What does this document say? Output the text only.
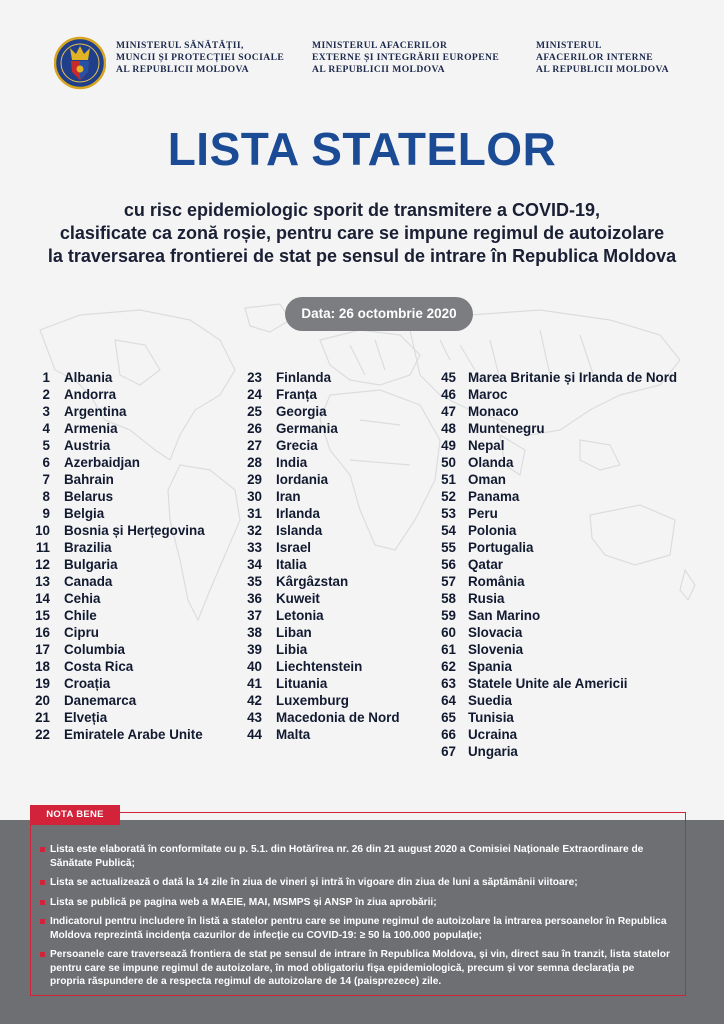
MINISTERUL SĂNĂTĂȚII,
MUNCII ȘI PROTECȚIEI SOCIALE
AL REPUBLICII MOLDOVA
MINISTERUL AFACERILOR
EXTERNE ȘI INTEGRĂRII EUROPENE
AL REPUBLICII MOLDOVA
MINISTERUL
AFACERILOR INTERNE
AL REPUBLICII MOLDOVA
LISTA STATELOR
cu risc epidemiologic sporit de transmitere a COVID-19,
clasificate ca zonă roșie, pentru care se impune regimul de autoizolare
la traversarea frontierei de stat pe sensul de intrare în Republica Moldova
Data: 26 octombrie 2020
1 Albania
2 Andorra
3 Argentina
4 Armenia
5 Austria
6 Azerbaidjan
7 Bahrain
8 Belarus
9 Belgia
10 Bosnia și Herțegovina
11 Brazilia
12 Bulgaria
13 Canada
14 Cehia
15 Chile
16 Cipru
17 Columbia
18 Costa Rica
19 Croația
20 Danemarca
21 Elveția
22 Emiratele Arabe Unite
23 Finlanda
24 Franța
25 Georgia
26 Germania
27 Grecia
28 India
29 Iordania
30 Iran
31 Irlanda
32 Islanda
33 Israel
34 Italia
35 Kârgâzstan
36 Kuweit
37 Letonia
38 Liban
39 Libia
40 Liechtenstein
41 Lituania
42 Luxemburg
43 Macedonia de Nord
44 Malta
45 Marea Britanie și Irlanda de Nord
46 Maroc
47 Monaco
48 Muntenegru
49 Nepal
50 Olanda
51 Oman
52 Panama
53 Peru
54 Polonia
55 Portugalia
56 Qatar
57 România
58 Rusia
59 San Marino
60 Slovacia
61 Slovenia
62 Spania
63 Statele Unite ale Americii
64 Suedia
65 Tunisia
66 Ucraina
67 Ungaria
NOTA BENE
Lista este elaborată în conformitate cu p. 5.1. din Hotărîrea nr. 26 din 21 august 2020 a Comisiei Naționale Extraordinare de Sănătate Publică;
Lista se actualizează o dată la 14 zile în ziua de vineri și intră în vigoare din ziua de luni a săptămânii viitoare;
Lista se publică pe pagina web a MAEIE, MAI, MSMPS și ANSP în ziua aprobării;
Indicatorul pentru includere în listă a statelor pentru care se impune regimul de autoizolare la intrarea persoanelor în Republica Moldova reprezintă incidența cazurilor de infecție cu COVID-19: ≥ 50 la 100.000 populație;
Persoanele care traversează frontiera de stat pe sensul de intrare în Republica Moldova, și vin, direct sau în tranzit, lista statelor pentru care se impune regimul de autoizolare, în mod obligatoriu fișa epidemiologică, precum și vor semna declarația pe propria răspundere de a respecta regimul de autoizolare de 14 (paisprezece) zile.
